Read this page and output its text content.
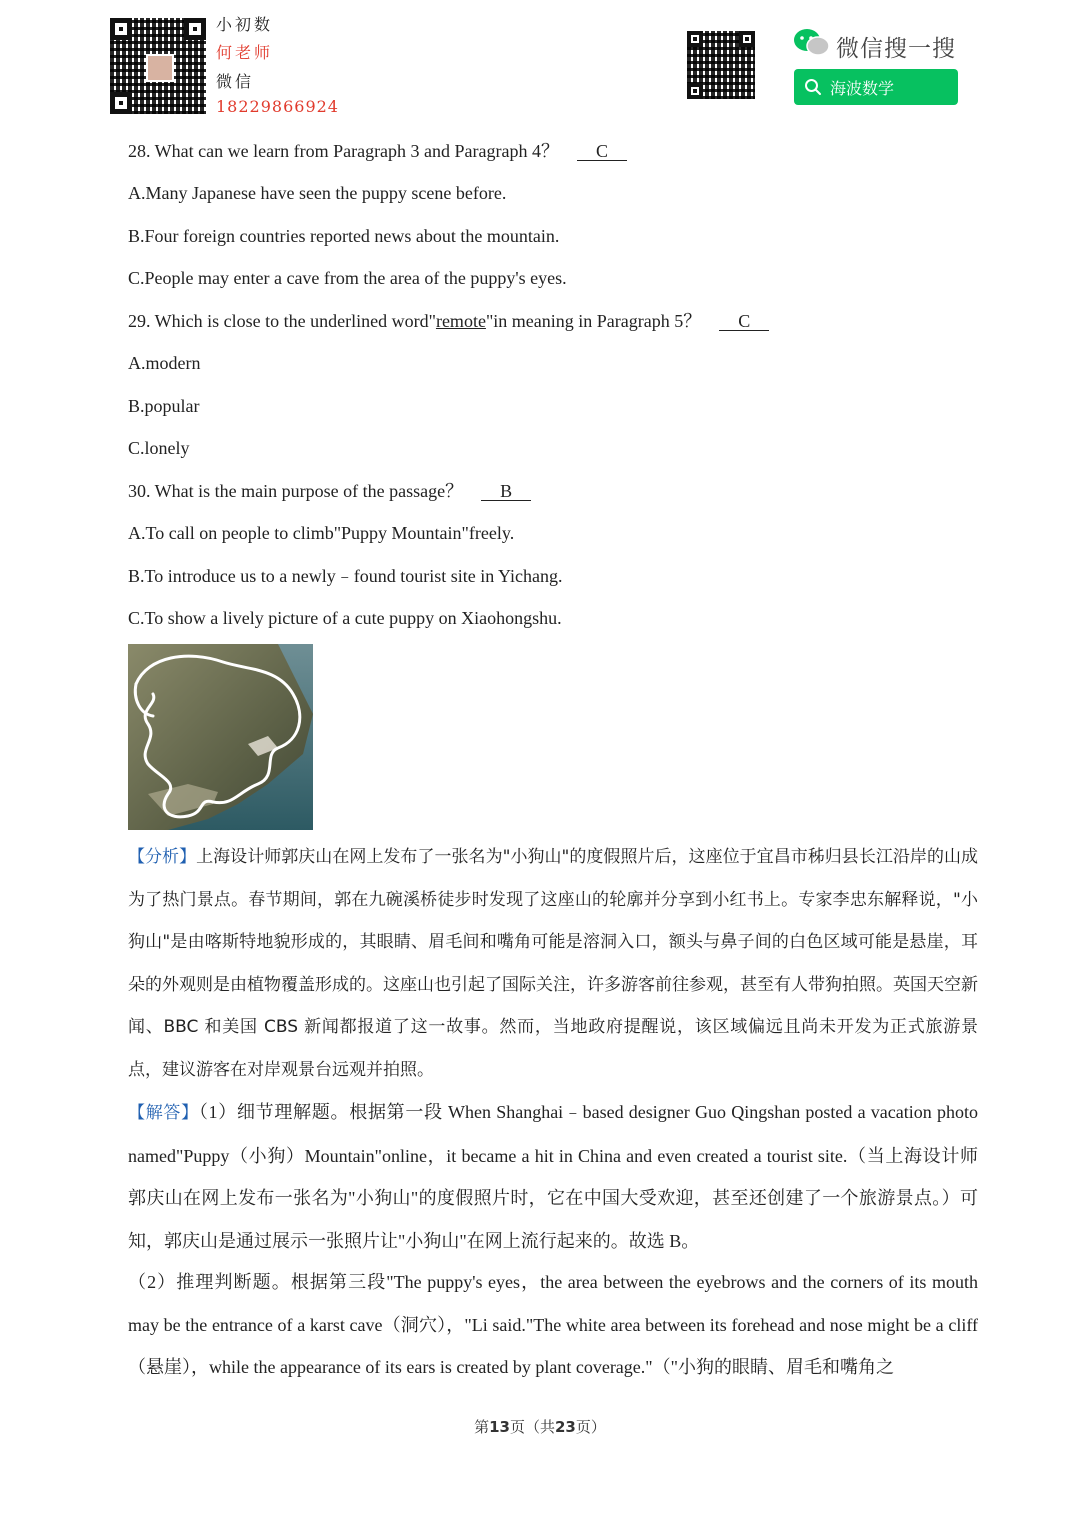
小初数
何老师
微信
18229866924
微信搜一搜
海波数学
28. What can we learn from Paragraph 3 and Paragraph 4？ C
A.Many Japanese have seen the puppy scene before.
B.Four foreign countries reported news about the mountain.
C.People may enter a cave from the area of the puppy's eyes.
29. Which is close to the underlined word"remote"in meaning in Paragraph 5？ C
A.modern
B.popular
C.lonely
30. What is the main purpose of the passage？ B
A.To call on people to climb"Puppy Mountain"freely.
B.To introduce us to a newly﹣found tourist site in Yichang.
C.To show a lively picture of a cute puppy on Xiaohongshu.
【分析】上海设计师郭庆山在网上发布了一张名为"小狗山"的度假照片后，这座位于宜昌市秭归县长江沿岸的山成为了热门景点。春节期间，郭在九碗溪桥徒步时发现了这座山的轮廓并分享到小红书上。专家李忠东解释说，"小狗山"是由喀斯特地貌形成的，其眼睛、眉毛间和嘴角可能是溶洞入口，额头与鼻子间的白色区域可能是悬崖，耳朵的外观则是由植物覆盖形成的。这座山也引起了国际关注，许多游客前往参观，甚至有人带狗拍照。英国天空新闻、BBC 和美国 CBS 新闻都报道了这一故事。然而，当地政府提醒说，该区域偏远且尚未开发为正式旅游景点，建议游客在对岸观景台远观并拍照。
【解答】（1）细节理解题。根据第一段 When Shanghai﹣based designer Guo Qingshan posted a vacation photo named"Puppy（小狗）Mountain"online，it became a hit in China and even created a tourist site.（当上海设计师郭庆山在网上发布一张名为"小狗山"的度假照片时，它在中国大受欢迎，甚至还创建了一个旅游景点。）可知，郭庆山是通过展示一张照片让"小狗山"在网上流行起来的。故选 B。
（2）推理判断题。根据第三段"The puppy's eyes，the area between the eyebrows and the corners of its mouth may be the entrance of a karst cave（洞穴），"Li said."The white area between its forehead and nose might be a cliff（悬崖），while the appearance of its ears is created by plant coverage."（"小狗的眼睛、眉毛和嘴角之
第13页（共23页）
